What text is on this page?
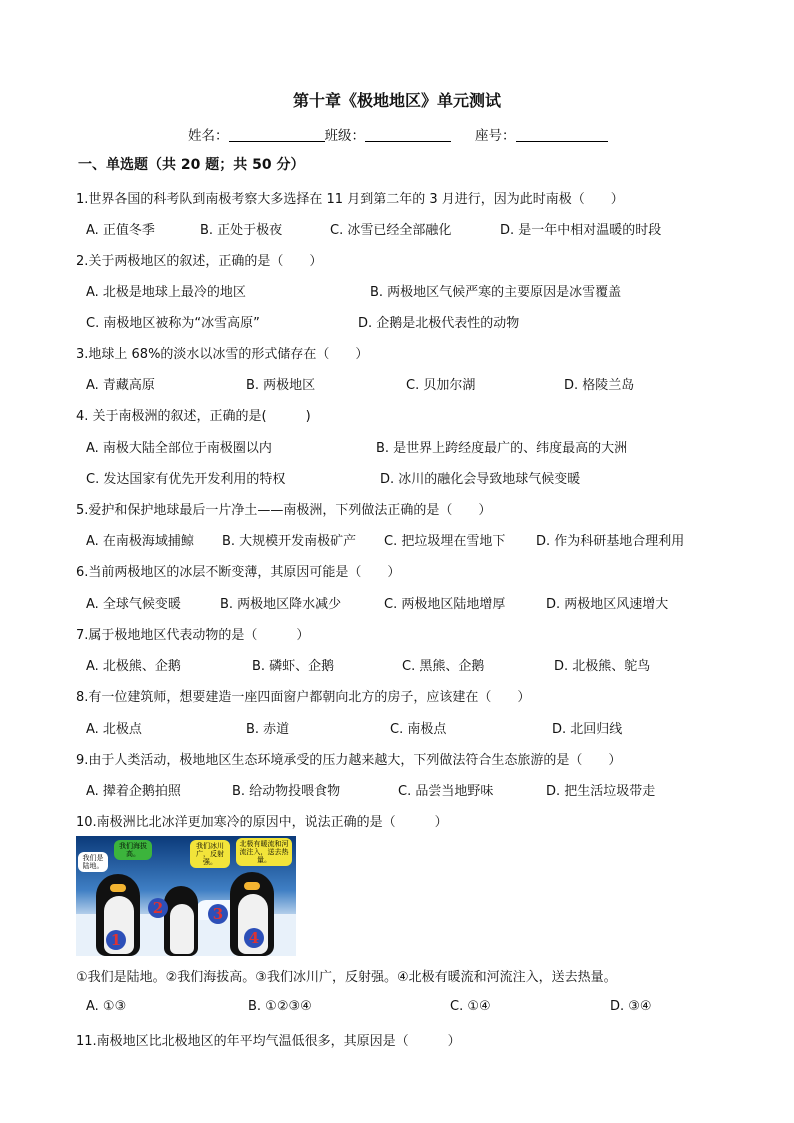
第十章《极地地区》单元测试
姓名：	班级：	座号：
一、单选题（共 20 题；共 50 分）
1.世界各国的科考队到南极考察大多选择在 11 月到第二年的 3 月进行，因为此时南极（　　）
A. 正值冬季	B. 正处于极夜	C. 冰雪已经全部融化	D. 是一年中相对温暖的时段
2.关于两极地区的叙述，正确的是（　　）
A. 北极是地球上最冷的地区	B. 两极地区气候严寒的主要原因是冰雪覆盖
C. 南极地区被称为“冰雪高原”	D. 企鹅是北极代表性的动物
3.地球上 68%的淡水以冰雪的形式储存在（　　）
A. 青藏高原	B. 两极地区	C. 贝加尔湖	D. 格陵兰岛
4. 关于南极洲的叙述，正确的是(　　　)
A. 南极大陆全部位于南极圈以内	B. 是世界上跨经度最广的、纬度最高的大洲
C. 发达国家有优先开发利用的特权	D. 冰川的融化会导致地球气候变暖
5.爱护和保护地球最后一片净土——南极洲，下列做法正确的是（　　）
A. 在南极海域捕鲸 B. 大规模开发南极矿产 C. 把垃圾埋在雪地下 D. 作为科研基地合理利用
6.当前两极地区的冰层不断变薄，其原因可能是（　　）
A. 全球气候变暖	B. 两极地区降水减少	C. 两极地区陆地增厚	D. 两极地区风速增大
7.属于极地地区代表动物的是（　　　）
A. 北极熊、企鹅	B. 磷虾、企鹅	C. 黑熊、企鹅	D. 北极熊、鸵鸟
8.有一位建筑师，想要建造一座四面窗户都朝向北方的房子，应该建在（　　）
A. 北极点	B. 赤道	C. 南极点	D. 北回归线
9.由于人类活动，极地地区生态环境承受的压力越来越大，下列做法符合生态旅游的是（　　）
A. 撵着企鹅拍照	B. 给动物投喂食物	C. 品尝当地野味	D. 把生活垃圾带走
10.南极洲比北冰洋更加寒冷的原因中，说法正确的是（　　　）
我们是陆地。
我们海拔高。
我们冰川广，反射强。
北极有暖流和河流注入，送去热量。
1
2	3
4
①我们是陆地。②我们海拔高。③我们冰川广，反射强。④北极有暖流和河流注入，送去热量。
A. ①③	B. ①②③④	C. ①④	D. ③④
11.南极地区比北极地区的年平均气温低很多，其原因是（　　　）
